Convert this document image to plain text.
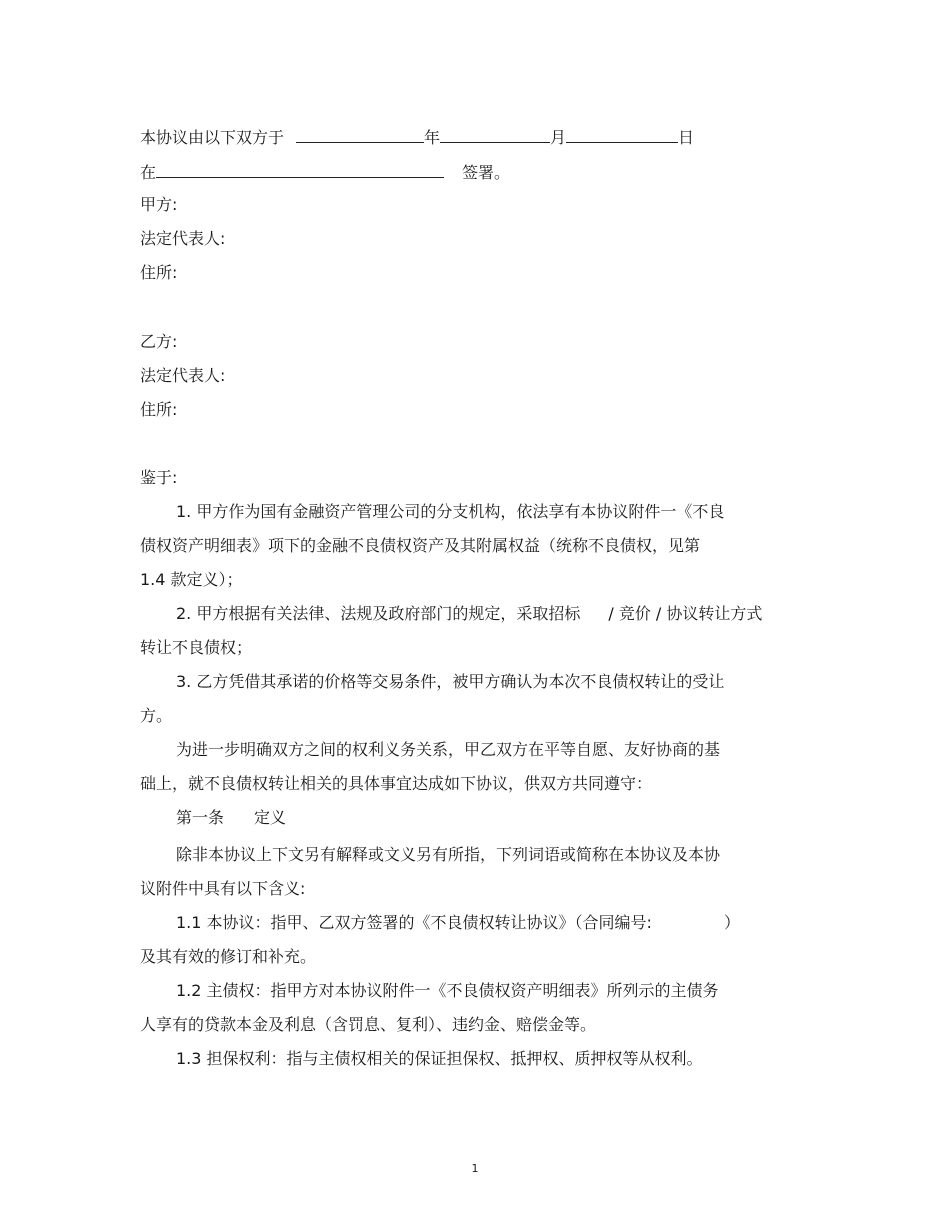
本协议由以下双方于	年	月	日
在	签署。
甲方:
法定代表人:
住所:
乙方:
法定代表人:
住所:
鉴于:
1. 甲方作为国有金融资产管理公司的分支机构，依法享有本协议附件一《不良
债权资产明细表》项下的金融不良债权资产及其附属权益（统称不良债权，见第
1.4 款定义）；
2. 甲方根据有关法律、法规及政府部门的规定，采取招标 / 竞价 / 协议转让方式
转让不良债权；
3. 乙方凭借其承诺的价格等交易条件，被甲方确认为本次不良债权转让的受让
方。
为进一步明确双方之间的权利义务关系，甲乙双方在平等自愿、友好协商的基
础上，就不良债权转让相关的具体事宜达成如下协议，供双方共同遵守：
第一条 定义
除非本协议上下文另有解释或文义另有所指，下列词语或简称在本协议及本协
议附件中具有以下含义:
1.1 本协议：指甲、乙双方签署的《不良债权转让协议》（合同编号:	）
及其有效的修订和补充。
1.2 主债权：指甲方对本协议附件一《不良债权资产明细表》所列示的主债务
人享有的贷款本金及利息（含罚息、复利）、违约金、赔偿金等。
1.3 担保权利：指与主债权相关的保证担保权、抵押权、质押权等从权利。
1
